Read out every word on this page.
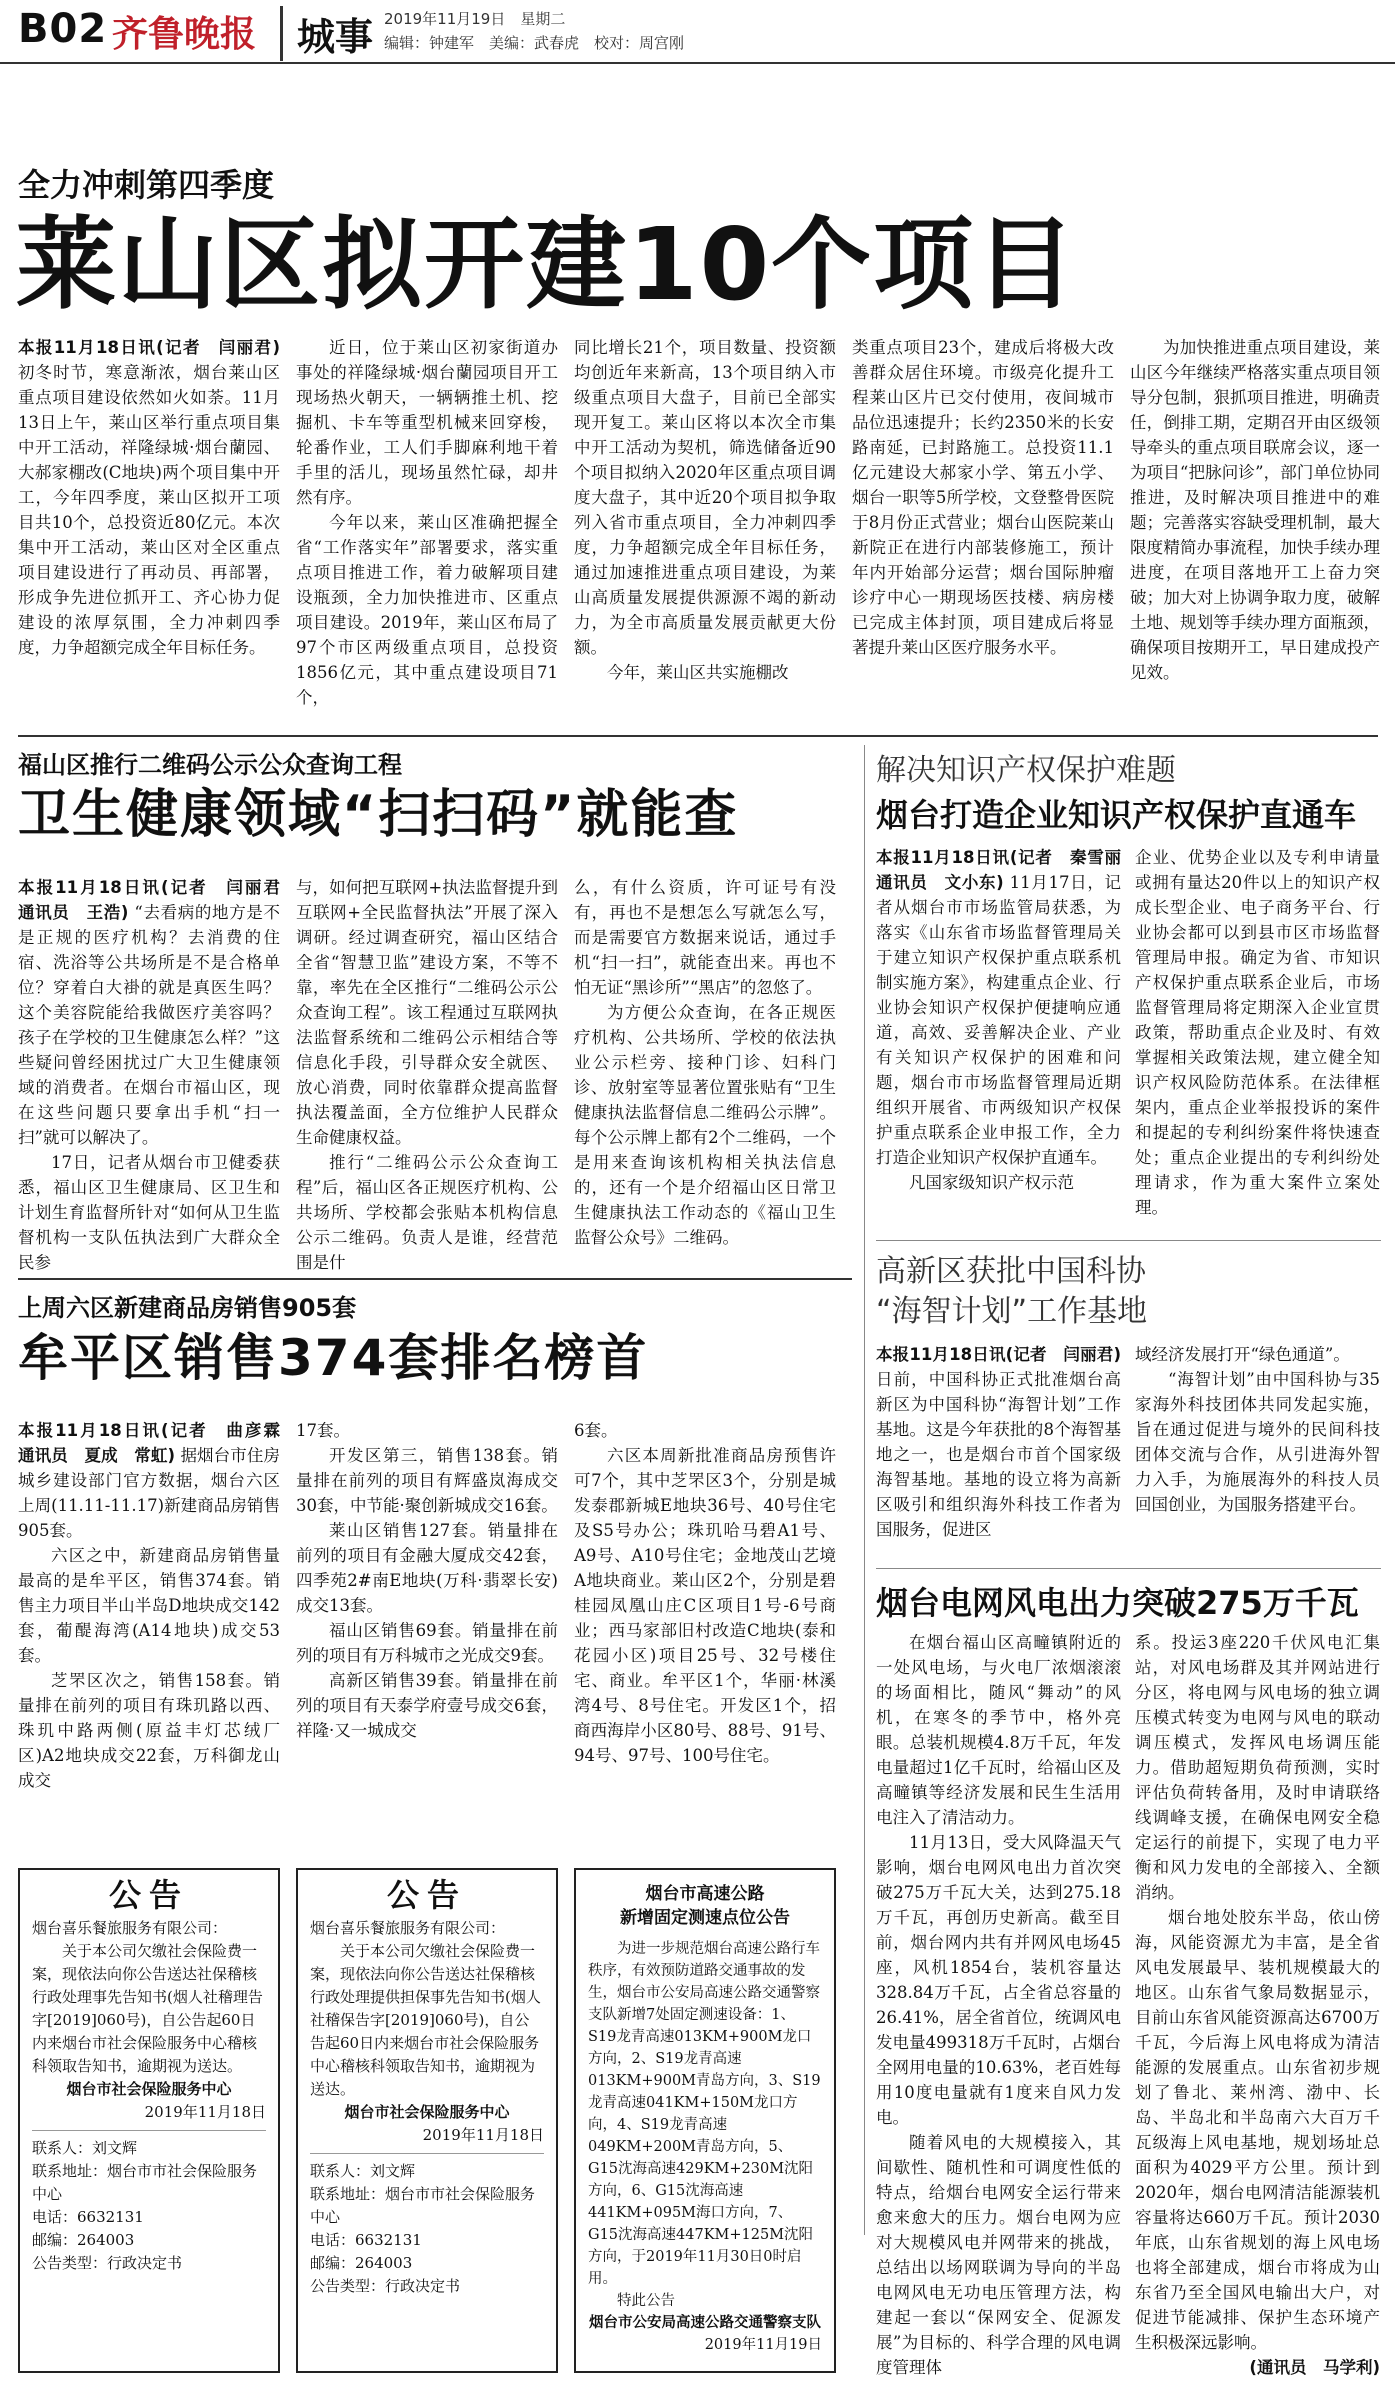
B02 齐鲁晚报	城事 2019年11月19日　星期二
编辑：钟建军　美编：武春虎　校对：周宫刚
全力冲刺第四季度
莱山区拟开建10个项目

本报11月18日讯(记者　闫丽君) 初冬时节，寒意渐浓，烟台莱山区重点项目建设依然如火如荼。11月13日上午，莱山区举行重点项目集中开工活动，祥隆绿城·烟台蘭园、大郝家棚改(C地块)两个项目集中开工，今年四季度，莱山区拟开工项目共10个，总投资近80亿元。本次集中开工活动，莱山区对全区重点项目建设进行了再动员、再部署，形成争先进位抓开工、齐心协力促建设的浓厚氛围，全力冲刺四季度，力争超额完成全年目标任务。

近日，位于莱山区初家街道办事处的祥隆绿城·烟台蘭园项目开工现场热火朝天，一辆辆推土机、挖掘机、卡车等重型机械来回穿梭，轮番作业，工人们手脚麻利地干着手里的活儿，现场虽然忙碌，却井然有序。

今年以来，莱山区准确把握全省“工作落实年”部署要求，落实重点项目推进工作，着力破解项目建设瓶颈，全力加快推进市、区重点项目建设。2019年，莱山区布局了97个市区两级重点项目，总投资1856亿元，其中重点建设项目71个，

同比增长21个，项目数量、投资额均创近年来新高，13个项目纳入市级重点项目大盘子，目前已全部实现开复工。莱山区将以本次全市集中开工活动为契机，筛选储备近90个项目拟纳入2020年区重点项目调度大盘子，其中近20个项目拟争取列入省市重点项目，全力冲刺四季度，力争超额完成全年目标任务，通过加速推进重点项目建设，为莱山高质量发展提供源源不竭的新动力，为全市高质量发展贡献更大份额。

今年，莱山区共实施棚改

类重点项目23个，建成后将极大改善群众居住环境。市级亮化提升工程莱山区片已交付使用，夜间城市品位迅速提升；长约2350米的长安路南延，已封路施工。总投资11.1亿元建设大郝家小学、第五小学、烟台一职等5所学校，文登整骨医院于8月份正式营业；烟台山医院莱山新院正在进行内部装修施工，预计年内开始部分运营；烟台国际肿瘤诊疗中心一期现场医技楼、病房楼已完成主体封顶，项目建成后将显著提升莱山区医疗服务水平。

为加快推进重点项目建设，莱山区今年继续严格落实重点项目领导分包制，狠抓项目推进，明确责任，倒排工期，定期召开由区级领导牵头的重点项目联席会议，逐一为项目“把脉问诊”，部门单位协同推进，及时解决项目推进中的难题；完善落实容缺受理机制，最大限度精简办事流程，加快手续办理进度，在项目落地开工上奋力突破；加大对上协调争取力度，破解土地、规划等手续办理方面瓶颈，确保项目按期开工，早日建成投产见效。

福山区推行二维码公示公众查询工程
卫生健康领域“扫扫码”就能查

本报11月18日讯(记者　闫丽君　通讯员　王浩) “去看病的地方是不是正规的医疗机构？去消费的住宿、洗浴等公共场所是不是合格单位？穿着白大褂的就是真医生吗？这个美容院能给我做医疗美容吗？孩子在学校的卫生健康怎么样？”这些疑问曾经困扰过广大卫生健康领域的消费者。在烟台市福山区，现在这些问题只要拿出手机“扫一扫”就可以解决了。

17日，记者从烟台市卫健委获悉，福山区卫生健康局、区卫生和计划生育监督所针对“如何从卫生监督机构一支队伍执法到广大群众全民参

与，如何把互联网+执法监督提升到互联网+全民监督执法”开展了深入调研。经过调查研究，福山区结合全省“智慧卫监”建设方案，不等不靠，率先在全区推行“二维码公示公众查询工程”。该工程通过互联网执法监督系统和二维码公示相结合等信息化手段，引导群众安全就医、放心消费，同时依靠群众提高监督执法覆盖面，全方位维护人民群众生命健康权益。

推行“二维码公示公众查询工程”后，福山区各正规医疗机构、公共场所、学校都会张贴本机构信息公示二维码。负责人是谁，经营范围是什

么，有什么资质，许可证号有没有，再也不是想怎么写就怎么写，而是需要官方数据来说话，通过手机“扫一扫”，就能查出来。再也不怕无证“黑诊所”“黑店”的忽悠了。

为方便公众查询，在各正规医疗机构、公共场所、学校的依法执业公示栏旁、接种门诊、妇科门诊、放射室等显著位置张贴有“卫生健康执法监督信息二维码公示牌”。每个公示牌上都有2个二维码，一个是用来查询该机构相关执法信息的，还有一个是介绍福山区日常卫生健康执法工作动态的《福山卫生监督公众号》二维码。

解决知识产权保护难题
烟台打造企业知识产权保护直通车

本报11月18日讯(记者　秦雪丽　通讯员　文小东) 11月17日，记者从烟台市市场监管局获悉，为落实《山东省市场监督管理局关于建立知识产权保护重点联系机制实施方案》，构建重点企业、行业协会知识产权保护便捷响应通道，高效、妥善解决企业、产业有关知识产权保护的困难和问题，烟台市市场监督管理局近期组织开展省、市两级知识产权保护重点联系企业申报工作，全力打造企业知识产权保护直通车。

凡国家级知识产权示范

企业、优势企业以及专利申请量或拥有量达20件以上的知识产权成长型企业、电子商务平台、行业协会都可以到县市区市场监督管理局申报。确定为省、市知识产权保护重点联系企业后，市场监督管理局将定期深入企业宣贯政策，帮助重点企业及时、有效掌握相关政策法规，建立健全知识产权风险防范体系。在法律框架内，重点企业举报投诉的案件和提起的专利纠纷案件将快速查处；重点企业提出的专利纠纷处理请求，作为重大案件立案处理。

上周六区新建商品房销售905套
牟平区销售374套排名榜首

本报11月18日讯(记者　曲彦霖　通讯员　夏成　常虹) 据烟台市住房城乡建设部门官方数据，烟台六区上周(11.11-11.17)新建商品房销售905套。

六区之中，新建商品房销售量最高的是牟平区，销售374套。销售主力项目半山半岛D地块成交142套，葡醍海湾(A14地块)成交53套。

芝罘区次之，销售158套。销量排在前列的项目有珠玑路以西、珠玑中路两侧(原益丰灯芯绒厂区)A2地块成交22套，万科御龙山成交

17套。

开发区第三，销售138套。销量排在前列的项目有辉盛岚海成交30套，中节能·聚创新城成交16套。

莱山区销售127套。销量排在前列的项目有金融大厦成交42套，四季苑2#南E地块(万科·翡翠长安)成交13套。

福山区销售69套。销量排在前列的项目有万科城市之光成交9套。

高新区销售39套。销量排在前列的项目有天泰学府壹号成交6套，祥隆·又一城成交

6套。

六区本周新批准商品房预售许可7个，其中芝罘区3个，分别是城发泰郡新城E地块36号、40号住宅及S5号办公；珠玑哈马碧A1号、A9号、A10号住宅；金地茂山艺境A地块商业。莱山区2个，分别是碧桂园凤凰山庄C区项目1号-6号商业；西马家部旧村改造C地块(泰和花园小区)项目25号、32号楼住宅、商业。牟平区1个，华丽·林溪湾4号、8号住宅。开发区1个，招商西海岸小区80号、88号、91号、94号、97号、100号住宅。

高新区获批中国科协
“海智计划”工作基地

本报11月18日讯(记者　闫丽君) 日前，中国科协正式批准烟台高新区为中国科协“海智计划”工作基地。这是今年获批的8个海智基地之一，也是烟台市首个国家级海智基地。基地的设立将为高新区吸引和组织海外科技工作者为国服务，促进区

域经济发展打开“绿色通道”。

“海智计划”由中国科协与35家海外科技团体共同发起实施，旨在通过促进与境外的民间科技团体交流与合作，从引进海外智力入手，为施展海外的科技人员回国创业，为国服务搭建平台。

烟台电网风电出力突破275万千瓦

在烟台福山区高疃镇附近的一处风电场，与火电厂浓烟滚滚的场面相比，随风“舞动”的风机，在寒冬的季节中，格外亮眼。总装机规模4.8万千瓦，年发电量超过1亿千瓦时，给福山区及高疃镇等经济发展和民生生活用电注入了清洁动力。

11月13日，受大风降温天气影响，烟台电网风电出力首次突破275万千瓦大关，达到275.18万千瓦，再创历史新高。截至目前，烟台网内共有并网风电场45座，风机1854台，装机容量达328.84万千瓦，占全省总容量的26.41%，居全省首位，统调风电发电量499318万千瓦时，占烟台全网用电量的10.63%，老百姓每用10度电量就有1度来自风力发电。

随着风电的大规模接入，其间歇性、随机性和可调度性低的特点，给烟台电网安全运行带来愈来愈大的压力。烟台电网为应对大规模风电并网带来的挑战，总结出以场网联调为导向的半岛电网风电无功电压管理方法，构建起一套以“保网安全、促源发展”为目标的、科学合理的风电调度管理体

系。投运3座220千伏风电汇集站，对风电场群及其并网站进行分区，将电网与风电场的独立调压模式转变为电网与风电的联动调压模式，发挥风电场调压能力。借助超短期负荷预测，实时评估负荷转备用，及时申请联络线调峰支援，在确保电网安全稳定运行的前提下，实现了电力平衡和风力发电的全部接入、全额消纳。

烟台地处胶东半岛，依山傍海，风能资源尤为丰富，是全省风电发展最早、装机规模最大的地区。山东省气象局数据显示，目前山东省风能资源高达6700万千瓦，今后海上风电将成为清洁能源的发展重点。山东省初步规划了鲁北、莱州湾、渤中、长岛、半岛北和半岛南六大百万千瓦级海上风电基地，规划场址总面积为4029平方公里。预计到2020年，烟台电网清洁能源装机容量将达660万千瓦。预计2030年底，山东省规划的海上风电场也将全部建成，烟台市将成为山东省乃至全国风电输出大户，对促进节能减排、保护生态环境产生积极深远影响。

(通讯员　马学利)

公告

烟台喜乐餐旅服务有限公司：

关于本公司欠缴社会保险费一案，现依法向你公告送达社保稽核行政处理事先告知书(烟人社稽理告字[2019]060号)，自公告起60日内来烟台市社会保险服务中心稽核科领取告知书，逾期视为送达。

烟台市社会保险服务中心

2019年11月18日

联系人：刘文辉

联系地址：烟台市市社会保险服务中心

电话：6632131

邮编：264003

公告类型：行政决定书

公告

烟台喜乐餐旅服务有限公司：

关于本公司欠缴社会保险费一案，现依法向你公告送达社保稽核行政处理提供担保事先告知书(烟人社稽保告字[2019]060号)，自公告起60日内来烟台市社会保险服务中心稽核科领取告知书，逾期视为送达。

烟台市社会保险服务中心

2019年11月18日

联系人：刘文辉

联系地址：烟台市市社会保险服务中心

电话：6632131

邮编：264003

公告类型：行政决定书

烟台市高速公路
新增固定测速点位公告

为进一步规范烟台高速公路行车秩序，有效预防道路交通事故的发生，烟台市公安局高速公路交通警察支队新增7处固定测速设备：1、S19龙青高速013KM+900M龙口方向，2、S19龙青高速013KM+900M青岛方向，3、S19龙青高速041KM+150M龙口方向，4、S19龙青高速049KM+200M青岛方向，5、G15沈海高速429KM+230M沈阳方向，6、G15沈海高速441KM+095M海口方向，7、G15沈海高速447KM+125M沈阳方向，于2019年11月30日0时启用。

特此公告

烟台市公安局高速公路交通警察支队

2019年11月19日
